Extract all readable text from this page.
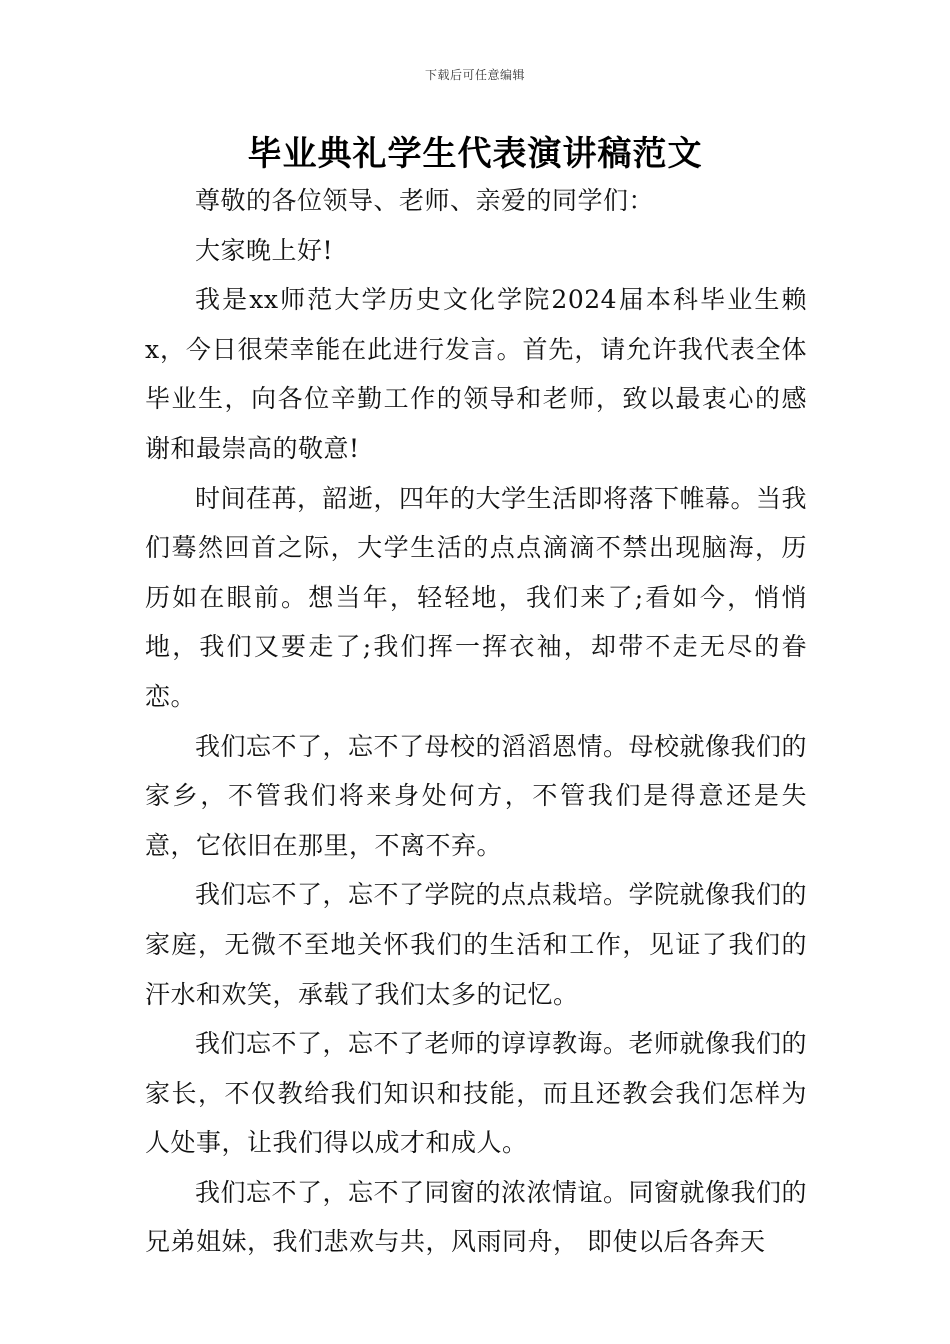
下载后可任意编辑
毕业典礼学生代表演讲稿范文

尊敬的各位领导、老师、亲爱的同学们：

大家晚上好!

我是xx师范大学历史文化学院2024届本科毕业生赖x，今日很荣幸能在此进行发言。首先，请允许我代表全体毕业生，向各位辛勤工作的领导和老师，致以最衷心的感谢和最崇高的敬意!

时间荏苒，韶逝，四年的大学生活即将落下帷幕。当我们蓦然回首之际，大学生活的点点滴滴不禁出现脑海，历历如在眼前。想当年，轻轻地，我们来了;看如今，悄悄地，我们又要走了;我们挥一挥衣袖，却带不走无尽的眷恋。

我们忘不了，忘不了母校的滔滔恩情。母校就像我们的家乡，不管我们将来身处何方，不管我们是得意还是失意，它依旧在那里，不离不弃。

我们忘不了，忘不了学院的点点栽培。学院就像我们的家庭，无微不至地关怀我们的生活和工作，见证了我们的汗水和欢笑，承载了我们太多的记忆。

我们忘不了，忘不了老师的谆谆教诲。老师就像我们的家长，不仅教给我们知识和技能，而且还教会我们怎样为人处事，让我们得以成才和成人。

我们忘不了，忘不了同窗的浓浓情谊。同窗就像我们的兄弟姐妹，我们悲欢与共，风雨同舟， 即使以后各奔天
